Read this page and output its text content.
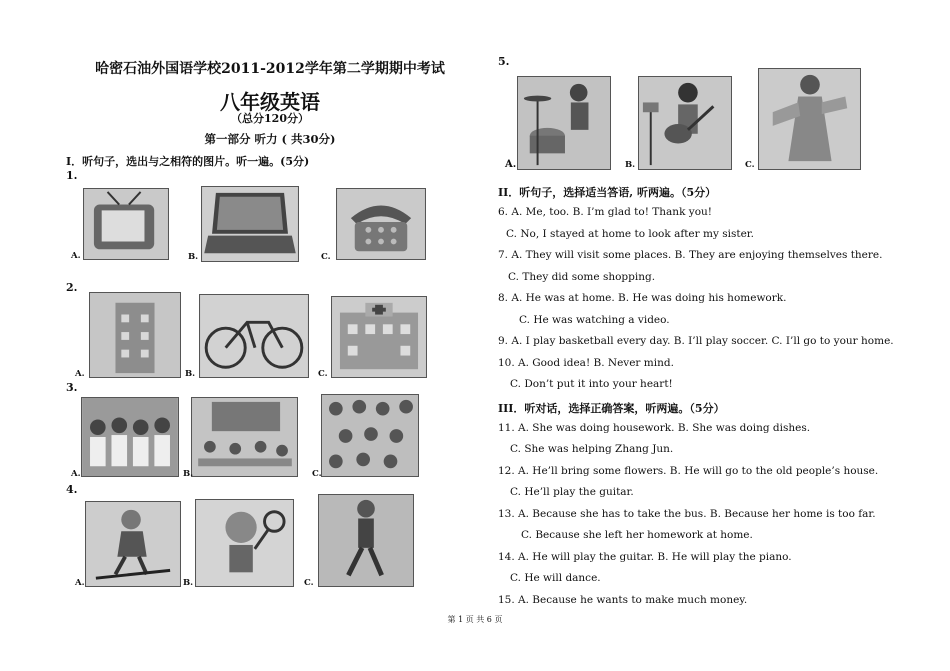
哈密石油外国语学校2011-2012学年第二学期期中考试
八年级英语
（总分120分）
第一部分 听力 ( 共30分)
I．听句子，选出与之相符的图片。听一遍。(5分)
1.
A.	B.	C.
2.
A.	B.	C.
3.
A.	B.	C.
4.
A.	B.	C.
5.
A.	B.	C.
II．听句子，选择适当答语, 听两遍。（5分）
6. A. Me, too. B. I’m glad to! Thank you!
C. No, I stayed at home to look after my sister.
7. A. They will visit some places. B. They are enjoying themselves there.
C. They did some shopping.
8. A. He was at home. B. He was doing his homework.
C. He was watching a video.
9. A. I play basketball every day. B. I’ll play soccer. C. I’ll go to your home.
10. A. Good idea! B. Never mind.
C. Don’t put it into your heart!
III．听对话，选择正确答案，听两遍。（5分）
11. A. She was doing housework. B. She was doing dishes.
C. She was helping Zhang Jun.
12. A. He’ll bring some flowers. B. He will go to the old people’s house.
C. He’ll play the guitar.
13. A. Because she has to take the bus. B. Because her home is too far.
C. Because she left her homework at home.
14. A. He will play the guitar. B. He will play the piano.
C. He will dance.
15. A. Because he wants to make much money.
第 1 页 共 6 页
